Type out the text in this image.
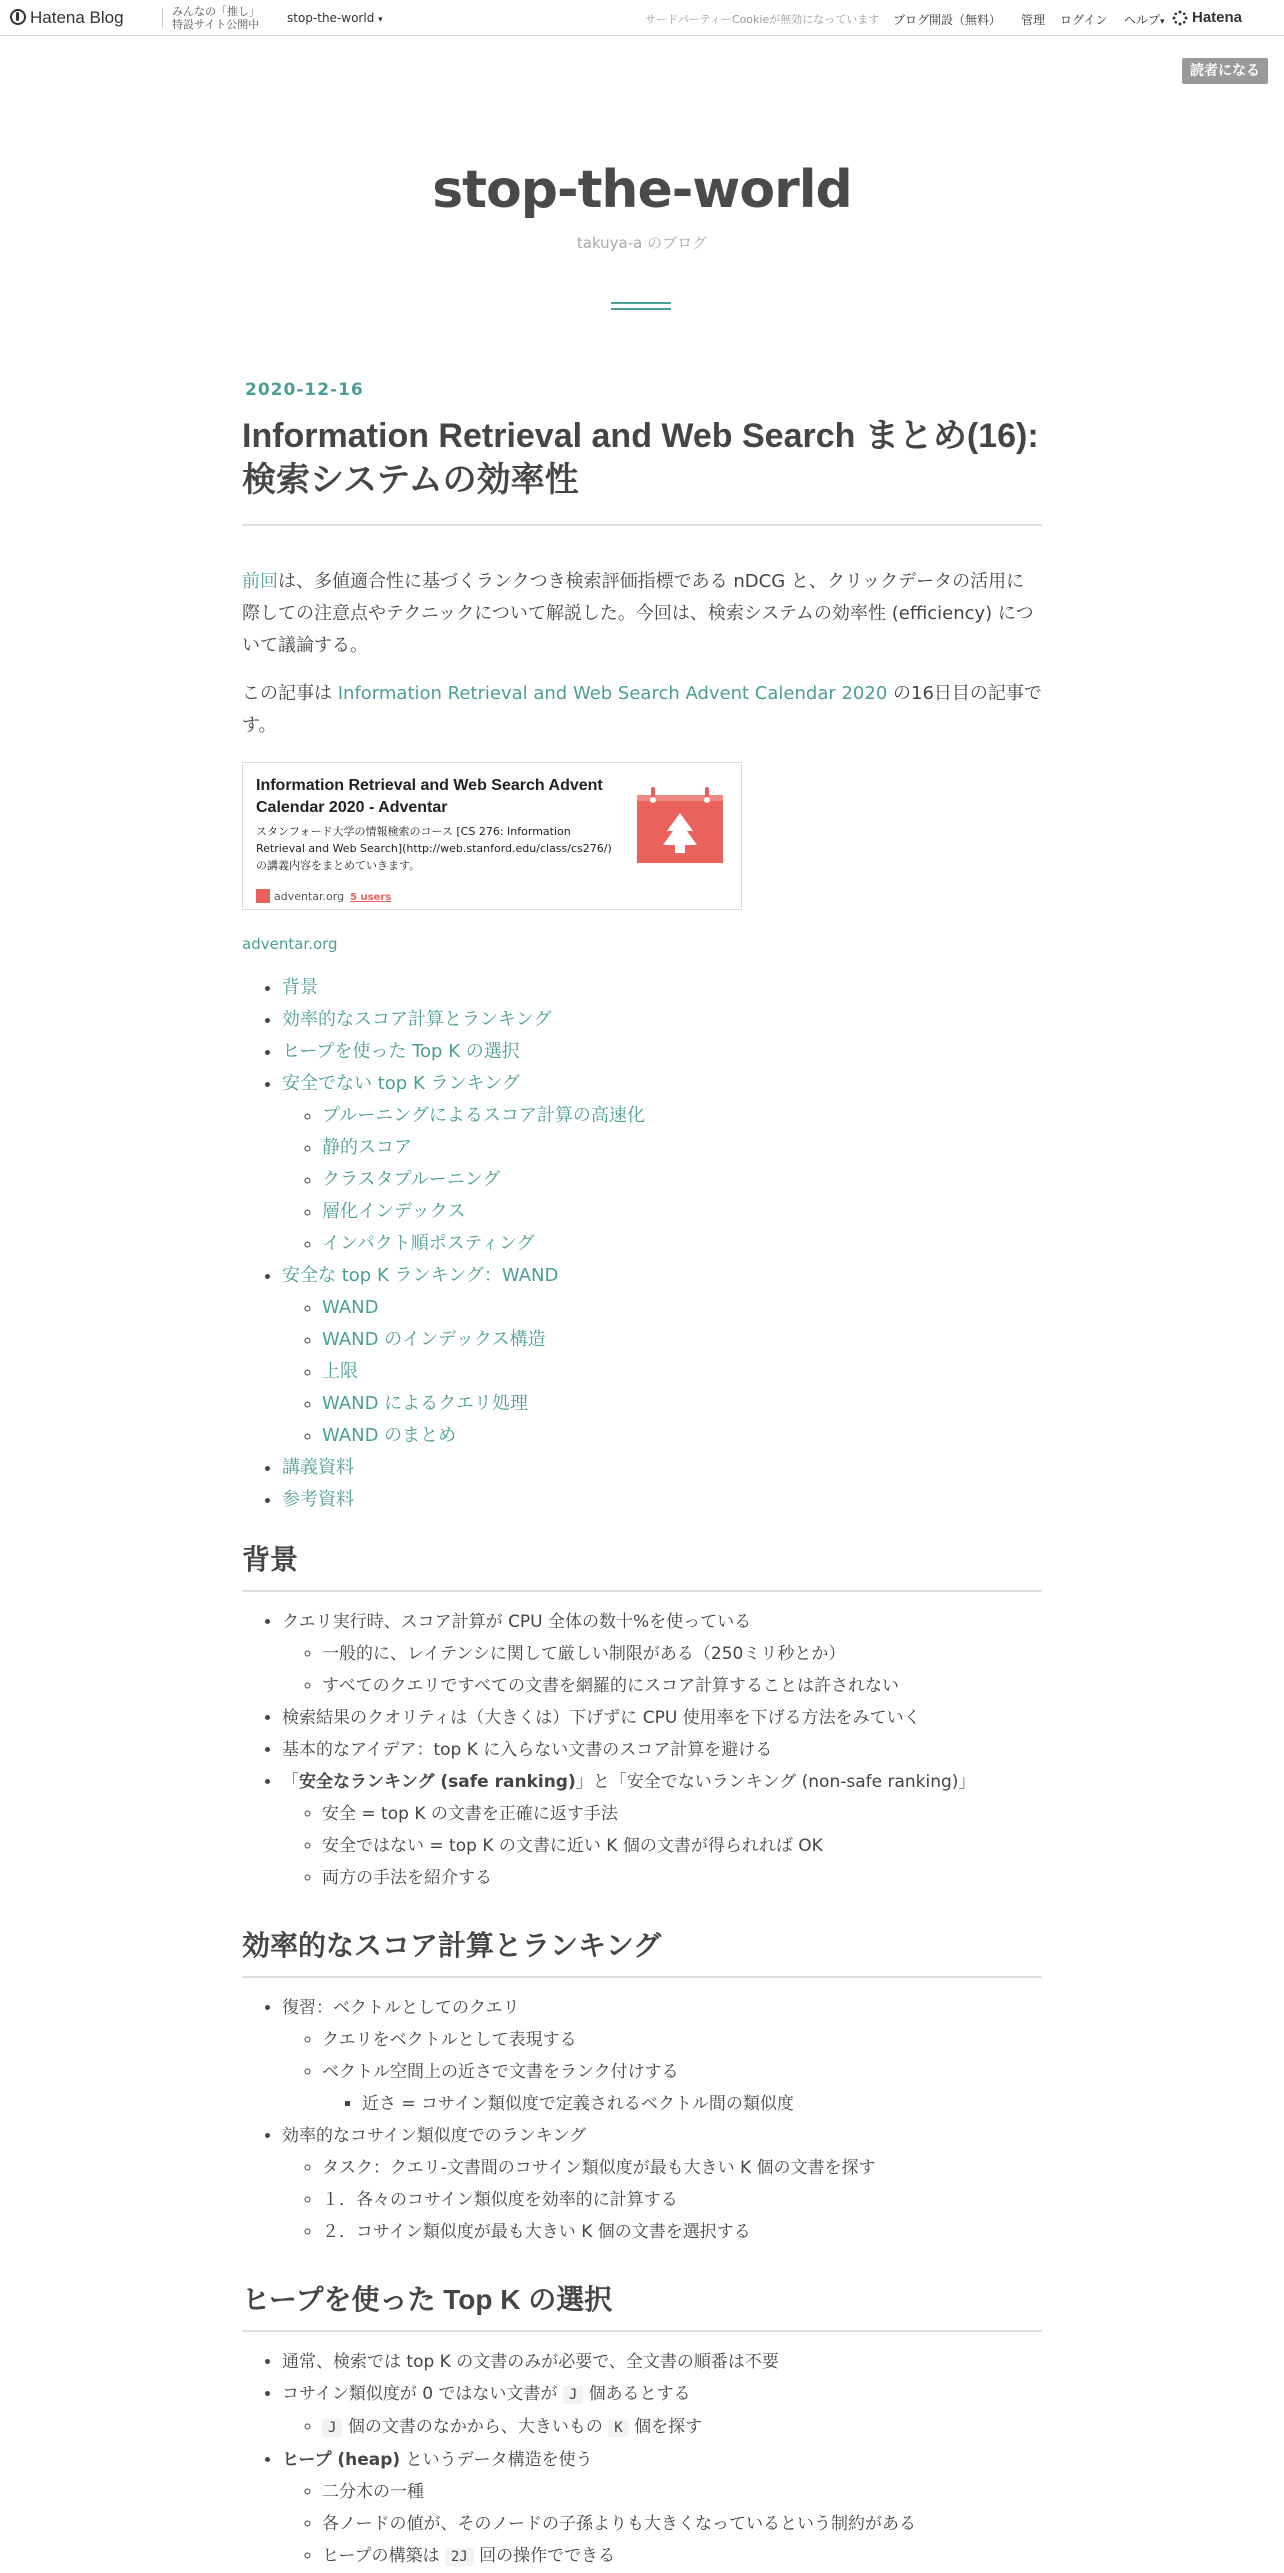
Hatena Blog	みんなの「推し」
特設サイト公開中 stop-the-world ▾	サードパーティーCookieが無効になっています ブログ開設（無料） 管理 ログイン ヘルプ▾ Hatena
読者になる
stop-the-world
takuya-a のブログ
2020-12-16
Information Retrieval and Web Search まとめ(16): 検索システムの効率性

前回は、多値適合性に基づくランクつき検索評価指標である nDCG と、クリックデータの活用に際しての注意点やテクニックについて解説した。今回は、検索システムの効率性 (efficiency) について議論する。

この記事は Information Retrieval and Web Search Advent Calendar 2020 の16日目の記事です。

Information Retrieval and Web Search Advent Calendar 2020 - Adventar
スタンフォード大学の情報検索のコース [CS 276: Information Retrieval and Web Search](http://web.stanford.edu/class/cs276/) の講義内容をまとめていきます。
adventar.org 5 users
adventar.org
• 背景
• 効率的なスコア計算とランキング
• ヒープを使った Top K の選択
• 安全でない top K ランキング
◦ プルーニングによるスコア計算の高速化
◦ 静的スコア
◦ クラスタプルーニング
◦ 層化インデックス
◦ インパクト順ポスティング
• 安全な top K ランキング：WAND
◦ WAND
◦ WAND のインデックス構造
◦ 上限
◦ WAND によるクエリ処理
◦ WAND のまとめ
• 講義資料
• 参考資料
背景
• クエリ実行時、スコア計算が CPU 全体の数十%を使っている
◦ 一般的に、レイテンシに関して厳しい制限がある（250ミリ秒とか）
◦ すべてのクエリですべての文書を網羅的にスコア計算することは許されない
• 検索結果のクオリティは（大きくは）下げずに CPU 使用率を下げる方法をみていく
• 基本的なアイデア：top K に入らない文書のスコア計算を避ける
• 「安全なランキング (safe ranking)」と「安全でないランキング (non-safe ranking)」
◦ 安全 = top K の文書を正確に返す手法
◦ 安全ではない = top K の文書に近い K 個の文書が得られれば OK
◦ 両方の手法を紹介する
効率的なスコア計算とランキング
• 復習：ベクトルとしてのクエリ
◦ クエリをベクトルとして表現する
◦ ベクトル空間上の近さで文書をランク付けする
▪ 近さ = コサイン類似度で定義されるベクトル間の類似度
• 効率的なコサイン類似度でのランキング
◦ タスク：クエリ-文書間のコサイン類似度が最も大きい K 個の文書を探す
◦ １．各々のコサイン類似度を効率的に計算する
◦ ２．コサイン類似度が最も大きい K 個の文書を選択する
ヒープを使った Top K の選択
• 通常、検索では top K の文書のみが必要で、全文書の順番は不要
• コサイン類似度が 0 ではない文書が J 個あるとする
◦ J 個の文書のなかから、大きいもの K 個を探す
• ヒープ (heap) というデータ構造を使う
◦ 二分木の一種
◦ 各ノードの値が、そのノードの子孫よりも大きくなっているという制約がある
◦ ヒープの構築は 2J 回の操作でできる
